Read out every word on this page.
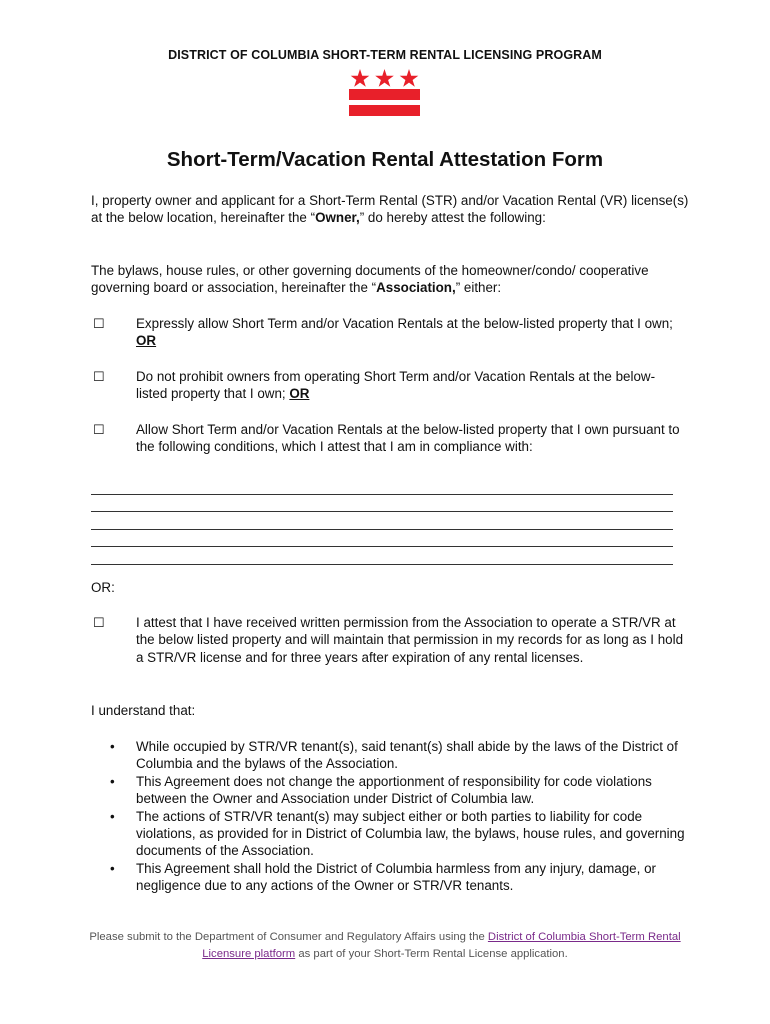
DISTRICT OF COLUMBIA SHORT-TERM RENTAL LICENSING PROGRAM
Short-Term/Vacation Rental Attestation Form
I, property owner and applicant for a Short-Term Rental (STR) and/or Vacation Rental (VR) license(s) at the below location, hereinafter the “Owner,” do hereby attest the following:
The bylaws, house rules, or other governing documents of the homeowner/condo/ cooperative governing board or association, hereinafter the “Association,” either:
☐ Expressly allow Short Term and/or Vacation Rentals at the below-listed property that I own; OR
☐ Do not prohibit owners from operating Short Term and/or Vacation Rentals at the below-listed property that I own; OR
☐ Allow Short Term and/or Vacation Rentals at the below-listed property that I own pursuant to the following conditions, which I attest that I am in compliance with:
OR:
☐ I attest that I have received written permission from the Association to operate a STR/VR at the below listed property and will maintain that permission in my records for as long as I hold a STR/VR license and for three years after expiration of any rental licenses.
I understand that:
• While occupied by STR/VR tenant(s), said tenant(s) shall abide by the laws of the District of Columbia and the bylaws of the Association.
• This Agreement does not change the apportionment of responsibility for code violations between the Owner and Association under District of Columbia law.
• The actions of STR/VR tenant(s) may subject either or both parties to liability for code violations, as provided for in District of Columbia law, the bylaws, house rules, and governing documents of the Association.
• This Agreement shall hold the District of Columbia harmless from any injury, damage, or negligence due to any actions of the Owner or STR/VR tenants.
Please submit to the Department of Consumer and Regulatory Affairs using the District of Columbia Short-Term Rental Licensure platform as part of your Short-Term Rental License application.
